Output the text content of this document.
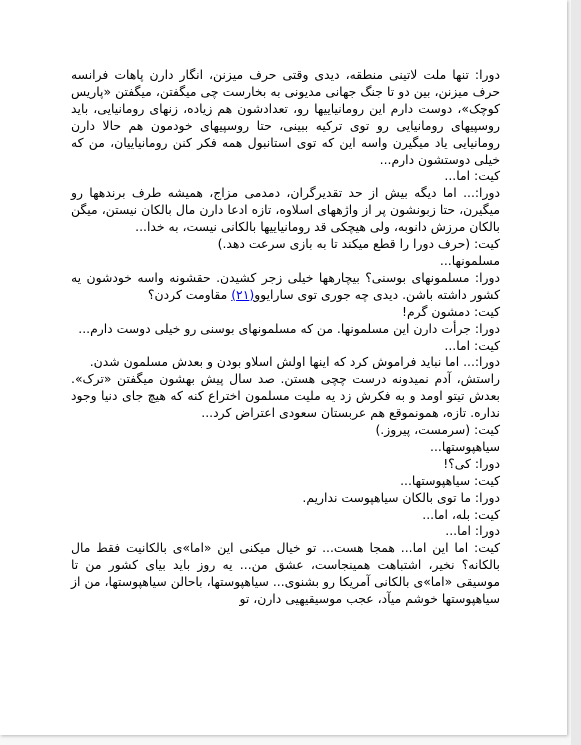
دورا: تنها ملت لاتینی منطقه، دیدی وقتی حرف میزنن، انگار دارن پاهات فرانسه حرف میزنن، بین دو تا جنگ جهانی مدیونی به بخارست چی میگفتن، میگفتن «پاریس کوچک»، دوست دارم این رومانیاییها رو، تعدادشون هم زیاده، زنهای رومانیایی، باید روسپیهای رومانیایی رو توی ترکیه ببینی، حتا روسپیهای خودمون هم حالا دارن رومانیایی یاد میگیرن واسه این که توی استانبول همه فکر کنن رومانیاییان، من که خیلی دوستشون دارم...

کیت: اما...

دورا:... اما دیگه بیش از حد تقدیرگران، دمدمی مزاج، همیشه طرف برندهها رو میگیرن، حتا زبونشون پر از واژههای اسلاوه، تازه ادعا دارن مال بالکان نیستن، میگن بالکان مرزش دانوبه، ولی هیچکی قد رومانیاییها بالکانی نیست، به خدا...

کیت: (حرف دورا را قطع میکند تا به بازی سرعت دهد.)

مسلمونها...

دورا: مسلمونهای بوسنی؟ بیچارهها خیلی زجر کشیدن. حقشونه واسه خودشون یه کشور داشته باشن. دیدی چه جوری توی سارایوو(۲۱) مقاومت کردن؟

کیت: دمشون گرم!

دورا: جرأت دارن این مسلمونها. من که مسلمونهای بوسنی رو خیلی دوست دارم...

کیت: اما...

دورا:... اما نباید فراموش کرد که اینها اولش اسلاو بودن و بعدش مسلمون شدن.

راستش، آدم نمیدونه درست چچی هستن. صد سال پیش بهشون میگفتن «ترک». بعدش تیتو اومد و به فکرش زد یه ملیت مسلمون اختراع کنه که هیچ جای دنیا وجود نداره. تازه، همونموقع هم عربستان سعودی اعتراض کرد...

کیت: (سرمست، پیروز.)

سیاهپوستها...

دورا: کی؟!

کیت: سیاهپوستها...

دورا: ما توی بالکان سیاهپوست نداریم.

کیت: بله، اما...

دورا: اما...

کیت: اما این اما... همجا هست... تو خیال میکنی این «اما»ی بالکانیت فقط مال بالکانه؟ نخیر، اشتباهت همینجاست، عشق من... یه روز باید بیای کشور من تا موسیقی «اما»ی بالکانی آمریکا رو بشنوی... سیاهپوستها، باحالن سیاهپوستها، من از سیاهپوستها خوشم میآد، عجب موسیقیهیی دارن، تو
